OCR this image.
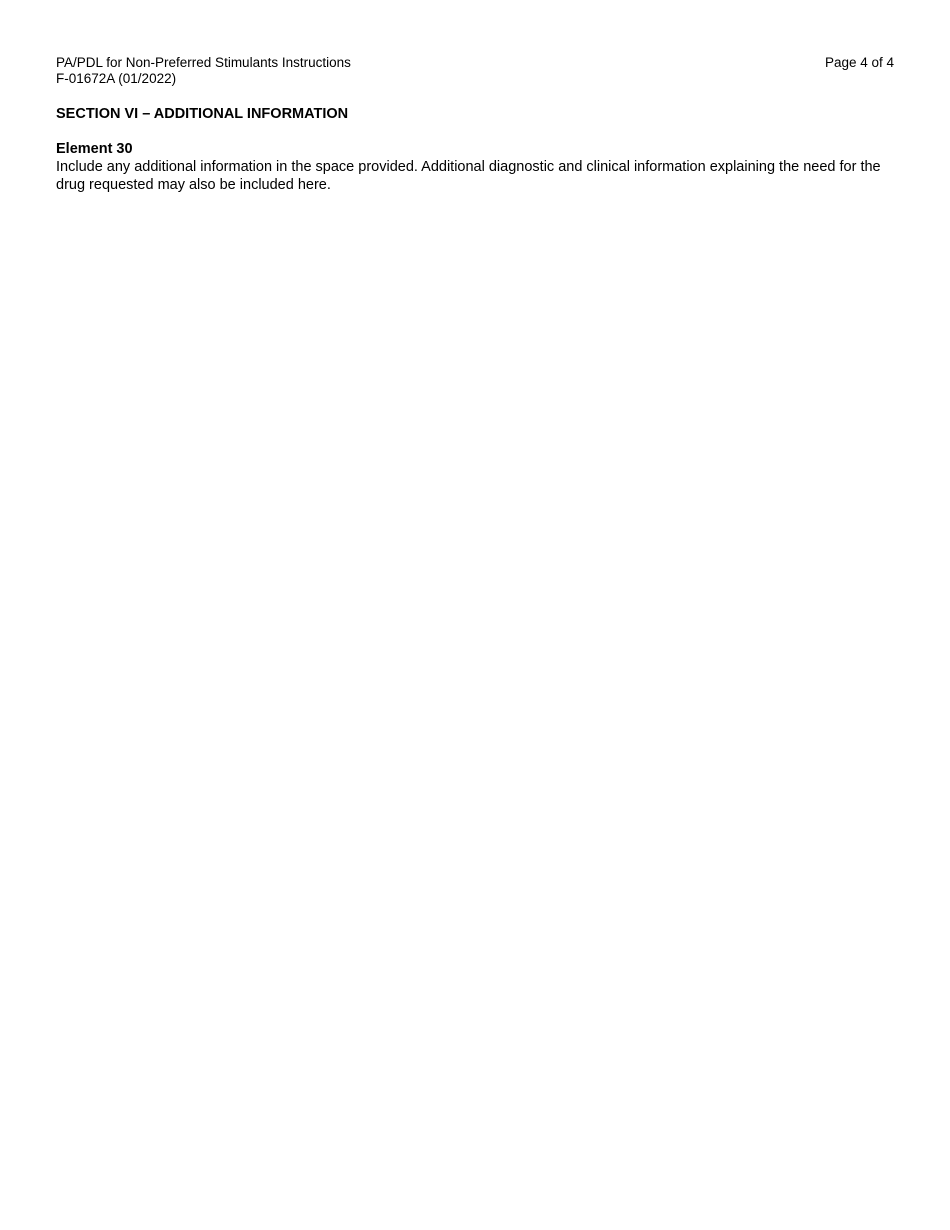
PA/PDL for Non-Preferred Stimulants Instructions
F-01672A (01/2022)
Page 4 of 4
SECTION VI – ADDITIONAL INFORMATION
Element 30
Include any additional information in the space provided. Additional diagnostic and clinical information explaining the need for the drug requested may also be included here.
